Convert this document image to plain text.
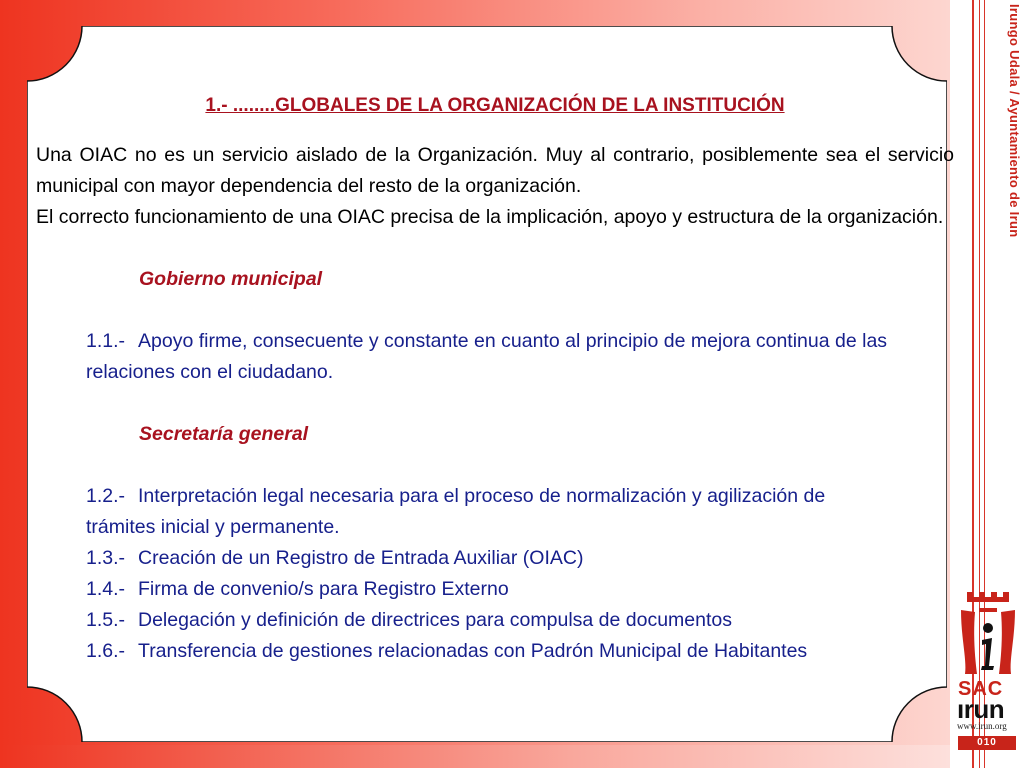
1.- ........GLOBALES DE LA ORGANIZACIÓN DE LA INSTITUCIÓN

Una OIAC no es un servicio aislado de la Organización. Muy al contrario, posiblemente sea el servicio municipal con mayor dependencia del resto de la organización.

El correcto funcionamiento de una OIAC precisa de la implicación, apoyo y estructura de la organización.

Gobierno municipal

1.1.- Apoyo firme, consecuente y constante en cuanto al principio de mejora continua de las
relaciones con el ciudadano.

Secretaría general

1.2.- Interpretación legal necesaria para el proceso de normalización y agilización de
trámites inicial y permanente.
1.3.- Creación de un Registro de Entrada Auxiliar (OIAC)
1.4.- Firma de convenio/s para Registro Externo
1.5.- Delegación y definición de directrices para compulsa de documentos
1.6.- Transferencia de gestiones relacionadas con Padrón Municipal de Habitantes
Irungo Udala / Ayuntamiento de Irun
SAC
ırun
www.irun.org
010
